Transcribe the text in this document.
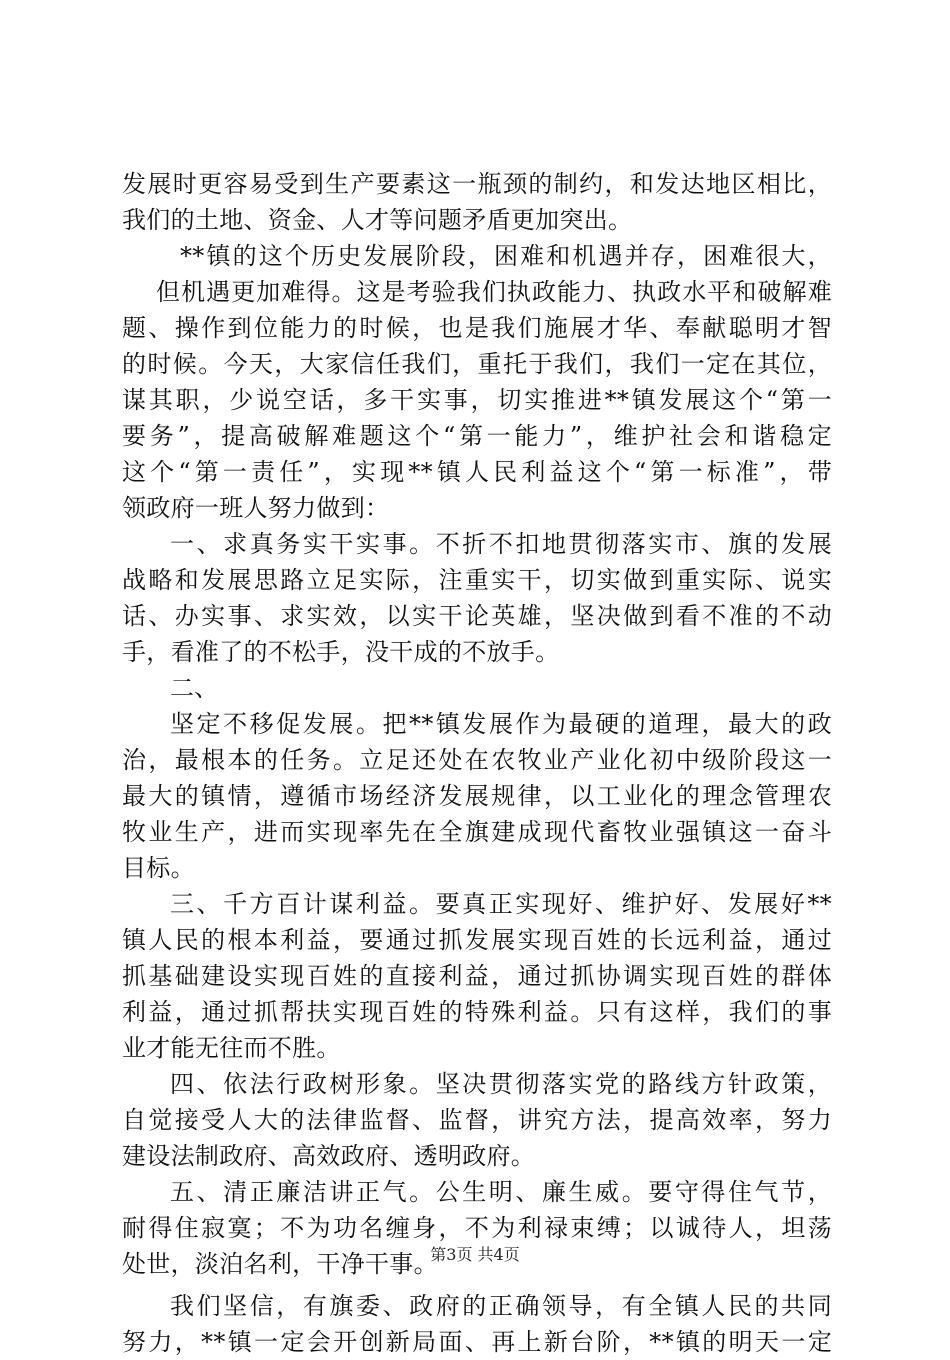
发展时更容易受到生产要素这一瓶颈的制约，和发达地区相比，
我们的土地、资金、人才等问题矛盾更加突出。
**镇的这个历史发展阶段，困难和机遇并存，困难很大，
但机遇更加难得。这是考验我们执政能力、执政水平和破解难
题、操作到位能力的时候，也是我们施展才华、奉献聪明才智
的时候。今天，大家信任我们，重托于我们，我们一定在其位，
谋其职，少说空话，多干实事，切实推进**镇发展这个“第一
要务”，提高破解难题这个“第一能力”，维护社会和谐稳定
这个“第一责任”，实现**镇人民利益这个“第一标准”，带
领政府一班人努力做到：
一、求真务实干实事。不折不扣地贯彻落实市、旗的发展
战略和发展思路立足实际，注重实干，切实做到重实际、说实
话、办实事、求实效，以实干论英雄，坚决做到看不准的不动
手，看准了的不松手，没干成的不放手。
二、
坚定不移促发展。把**镇发展作为最硬的道理，最大的政
治，最根本的任务。立足还处在农牧业产业化初中级阶段这一
最大的镇情，遵循市场经济发展规律，以工业化的理念管理农
牧业生产，进而实现率先在全旗建成现代畜牧业强镇这一奋斗
目标。
三、千方百计谋利益。要真正实现好、维护好、发展好**
镇人民的根本利益，要通过抓发展实现百姓的长远利益，通过
抓基础建设实现百姓的直接利益，通过抓协调实现百姓的群体
利益，通过抓帮扶实现百姓的特殊利益。只有这样，我们的事
业才能无往而不胜。
四、依法行政树形象。坚决贯彻落实党的路线方针政策，
自觉接受人大的法律监督、监督，讲究方法，提高效率，努力
建设法制政府、高效政府、透明政府。
五、清正廉洁讲正气。公生明、廉生威。要守得住气节，
耐得住寂寞；不为功名缠身，不为利禄束缚；以诚待人，坦荡
处世，淡泊名利，干净干事。
我们坚信，有旗委、政府的正确领导，有全镇人民的共同
努力，**镇一定会开创新局面、再上新台阶，**镇的明天一定
第3页 共4页
